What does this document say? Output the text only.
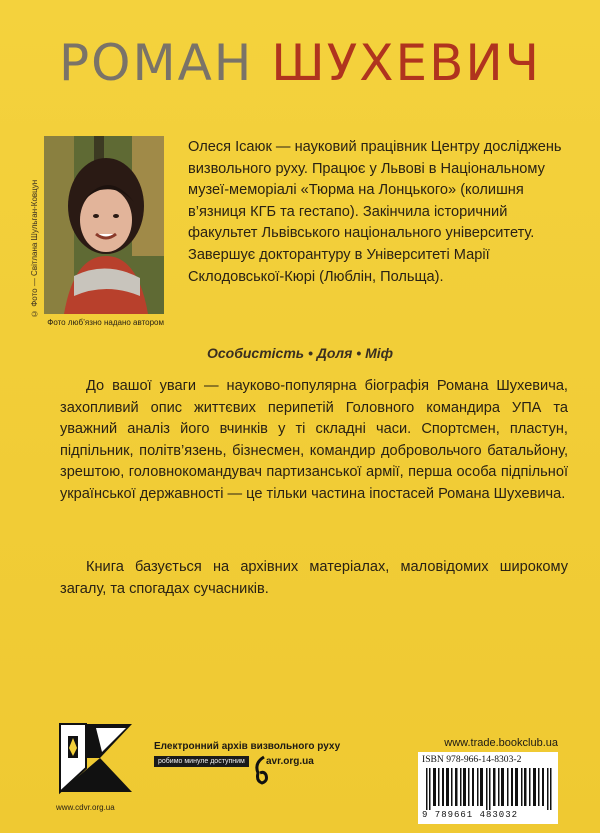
РОМАН ШУХЕВИЧ
© Фото — Світлана Шульган-Ковцун
Фото люб’язно надано автором
Олеся Ісаюк — науковий працівник Центру досліджень визвольного руху. Працює у Львові в Національному музеї-меморіалі «Тюрма на Лонцького» (колишня в’язниця КГБ та гестапо). Закінчила історичний факультет Львівського національного університету. Завершує докторантуру в Університеті Марії Склодовської-Кюрі (Люблін, Польща).
Особистість • Доля • Міф
До вашої уваги — науково-популярна біографія Романа Шухевича, захопливий опис життєвих перипетій Головного командира УПА та уважний аналіз його вчинків у ті складні часи. Спортсмен, пластун, підпільник, політв’язень, бізнесмен, командир добровольчого батальйону, зрештою, головнокомандувач партизанської армії, перша особа підпільної української державності — це тільки частина іпостасей Романа Шухевича.
Книга базується на архівних матеріалах, маловідомих широкому загалу, та спогадах сучасників.
www.cdvr.org.ua
Електронний архів визвольного руху
робимо минуле доступним	avr.org.ua
www.trade.bookclub.ua
ISBN 978-966-14-8303-2
9 789661 483032
